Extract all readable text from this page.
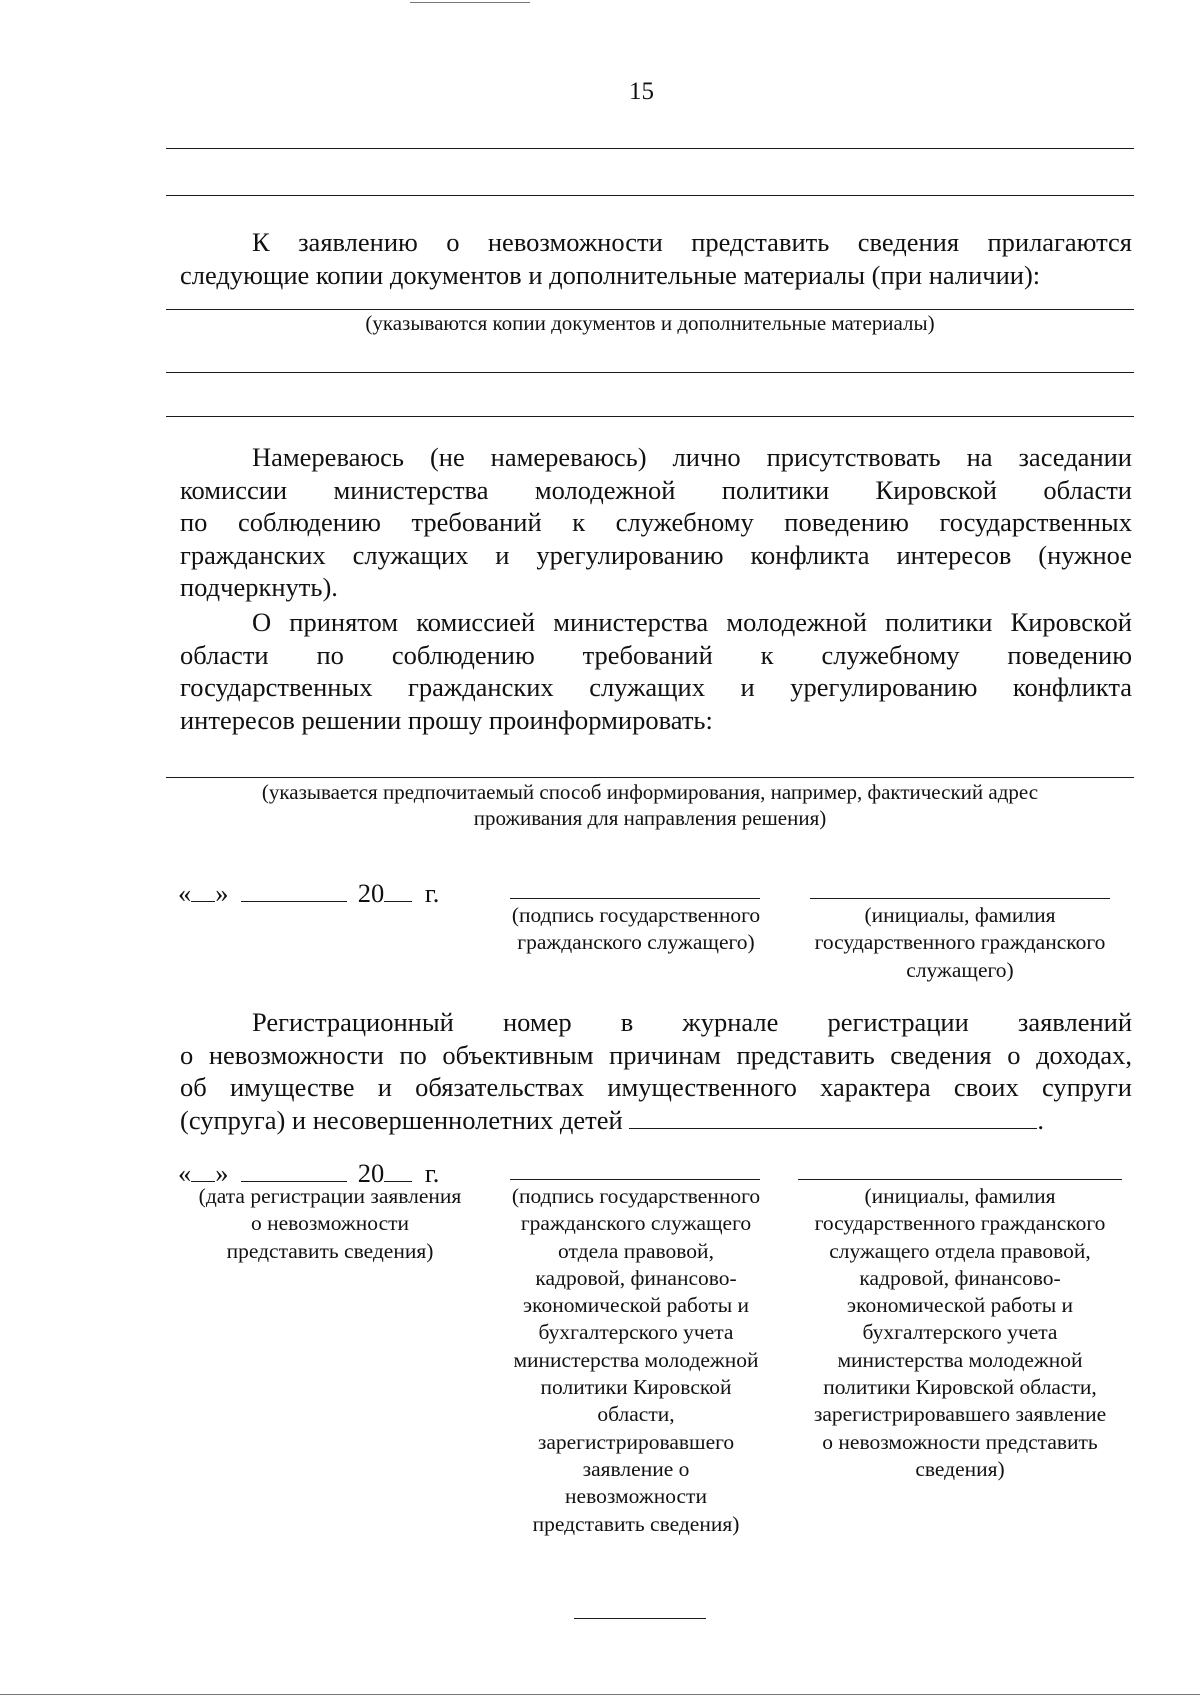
15
К заявлению о невозможности представить сведения прилагаются
следующие копии документов и дополнительные материалы (при наличии):
(указываются копии документов и дополнительные материалы)
Намереваюсь (не намереваюсь) лично присутствовать на заседании
комиссии министерства молодежной политики Кировской области
по соблюдению требований к служебному поведению государственных
гражданских служащих и урегулированию конфликта интересов (нужное
подчеркнуть).
О принятом комиссией министерства молодежной политики Кировской
области по соблюдению требований к служебному поведению
государственных гражданских служащих и урегулированию конфликта
интересов решении прошу проинформировать:
(указывается предпочитаемый способ информирования, например, фактический адрес
проживания для направления решения)
« »	20 г.
(подпись государственного
гражданского служащего)
(инициалы, фамилия
государственного гражданского
служащего)
Регистрационный номер в журнале регистрации заявлений
о невозможности по объективным причинам представить сведения о доходах,
об имуществе и обязательствах имущественного характера своих супруги
(супруга) и несовершеннолетних детей	.
« »	20 г.
(дата регистрации заявления
о невозможности
представить сведения)
(подпись государственного
гражданского служащего
отдела правовой,
кадровой, финансово-
экономической работы и
бухгалтерского учета
министерства молодежной
политики Кировской
области,
зарегистрировавшего
заявление о
невозможности
представить сведения)
(инициалы, фамилия
государственного гражданского
служащего отдела правовой,
кадровой, финансово-
экономической работы и
бухгалтерского учета
министерства молодежной
политики Кировской области,
зарегистрировавшего заявление
о невозможности представить
сведения)
